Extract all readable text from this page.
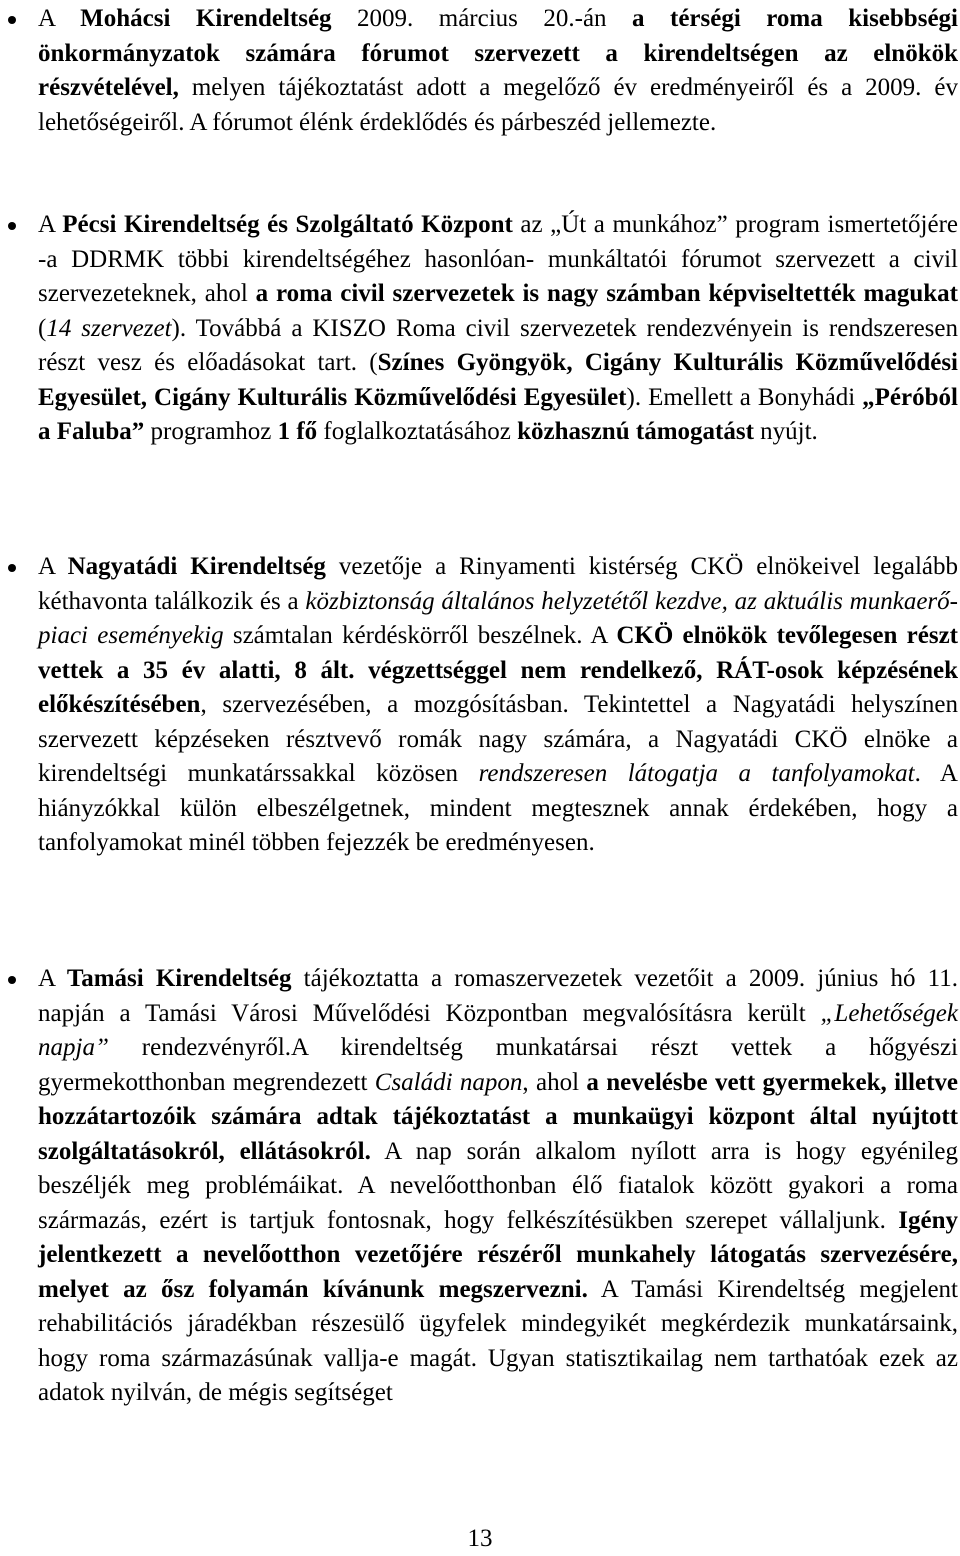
A Mohácsi Kirendeltség 2009. március 20.-án a térségi roma kisebbségi önkormányzatok számára fórumot szervezett a kirendeltségen az elnökök részvételével, melyen tájékoztatást adott a megelőző év eredményeiről és a 2009. év lehetőségeiről. A fórumot élénk érdeklődés és párbeszéd jellemezte.
A Pécsi Kirendeltség és Szolgáltató Központ az „Út a munkához” program ismertetőjére -a DDRMK többi kirendeltségéhez hasonlóan- munkáltatói fórumot szervezett a civil szervezeteknek, ahol a roma civil szervezetek is nagy számban képviseltették magukat (14 szervezet). Továbbá a KISZO Roma civil szervezetek rendezvényein is rendszeresen részt vesz és előadásokat tart. (Színes Gyöngyök, Cigány Kulturális Közművelődési Egyesület, Cigány Kulturális Közművelődési Egyesület). Emellett a Bonyhádi „Péróból a Faluba” programhoz 1 fő foglalkoztatásához közhasznú támogatást nyújt.
A Nagyatádi Kirendeltség vezetője a Rinyamenti kistérség CKÖ elnökeivel legalább kéthavonta találkozik és a közbiztonság általános helyzetétől kezdve, az aktuális munkaerő-piaci eseményekig számtalan kérdéskörről beszélnek. A CKÖ elnökök tevőlegesen részt vettek a 35 év alatti, 8 ált. végzettséggel nem rendelkező, RÁT-osok képzésének előkészítésében, szervezésében, a mozgósításban. Tekintettel a Nagyatádi helyszínen szervezett képzéseken résztvevő romák nagy számára, a Nagyatádi CKÖ elnöke a kirendeltségi munkatárssakkal közösen rendszeresen látogatja a tanfolyamokat. A hiányzókkal külön elbeszélgetnek, mindent megtesznek annak érdekében, hogy a tanfolyamokat minél többen fejezzék be eredményesen.
A Tamási Kirendeltség tájékoztatta a romaszervezetek vezetőit a 2009. június hó 11. napján a Tamási Városi Művelődési Központban megvalósításra került „Lehetőségek napja” rendezvényről.A kirendeltség munkatársai részt vettek a hőgyészi gyermekotthonban megrendezett Családi napon, ahol a nevelésbe vett gyermekek, illetve hozzátartozóik számára adtak tájékoztatást a munkaügyi központ által nyújtott szolgáltatásokról, ellátásokról. A nap során alkalom nyílott arra is hogy egyénileg beszéljék meg problémáikat. A nevelőotthonban élő fiatalok között gyakori a roma származás, ezért is tartjuk fontosnak, hogy felkészítésükben szerepet vállaljunk. Igény jelentkezett a nevelőotthon vezetőjére részéről munkahely látogatás szervezésére, melyet az ősz folyamán kívánunk megszervezni. A Tamási Kirendeltség megjelent rehabilitációs járadékban részesülő ügyfelek mindegyikét megkérdezik munkatársaink, hogy roma származásúnak vallja-e magát. Ugyan statisztikailag nem tarthatóak ezek az adatok nyilván, de mégis segítséget
13
